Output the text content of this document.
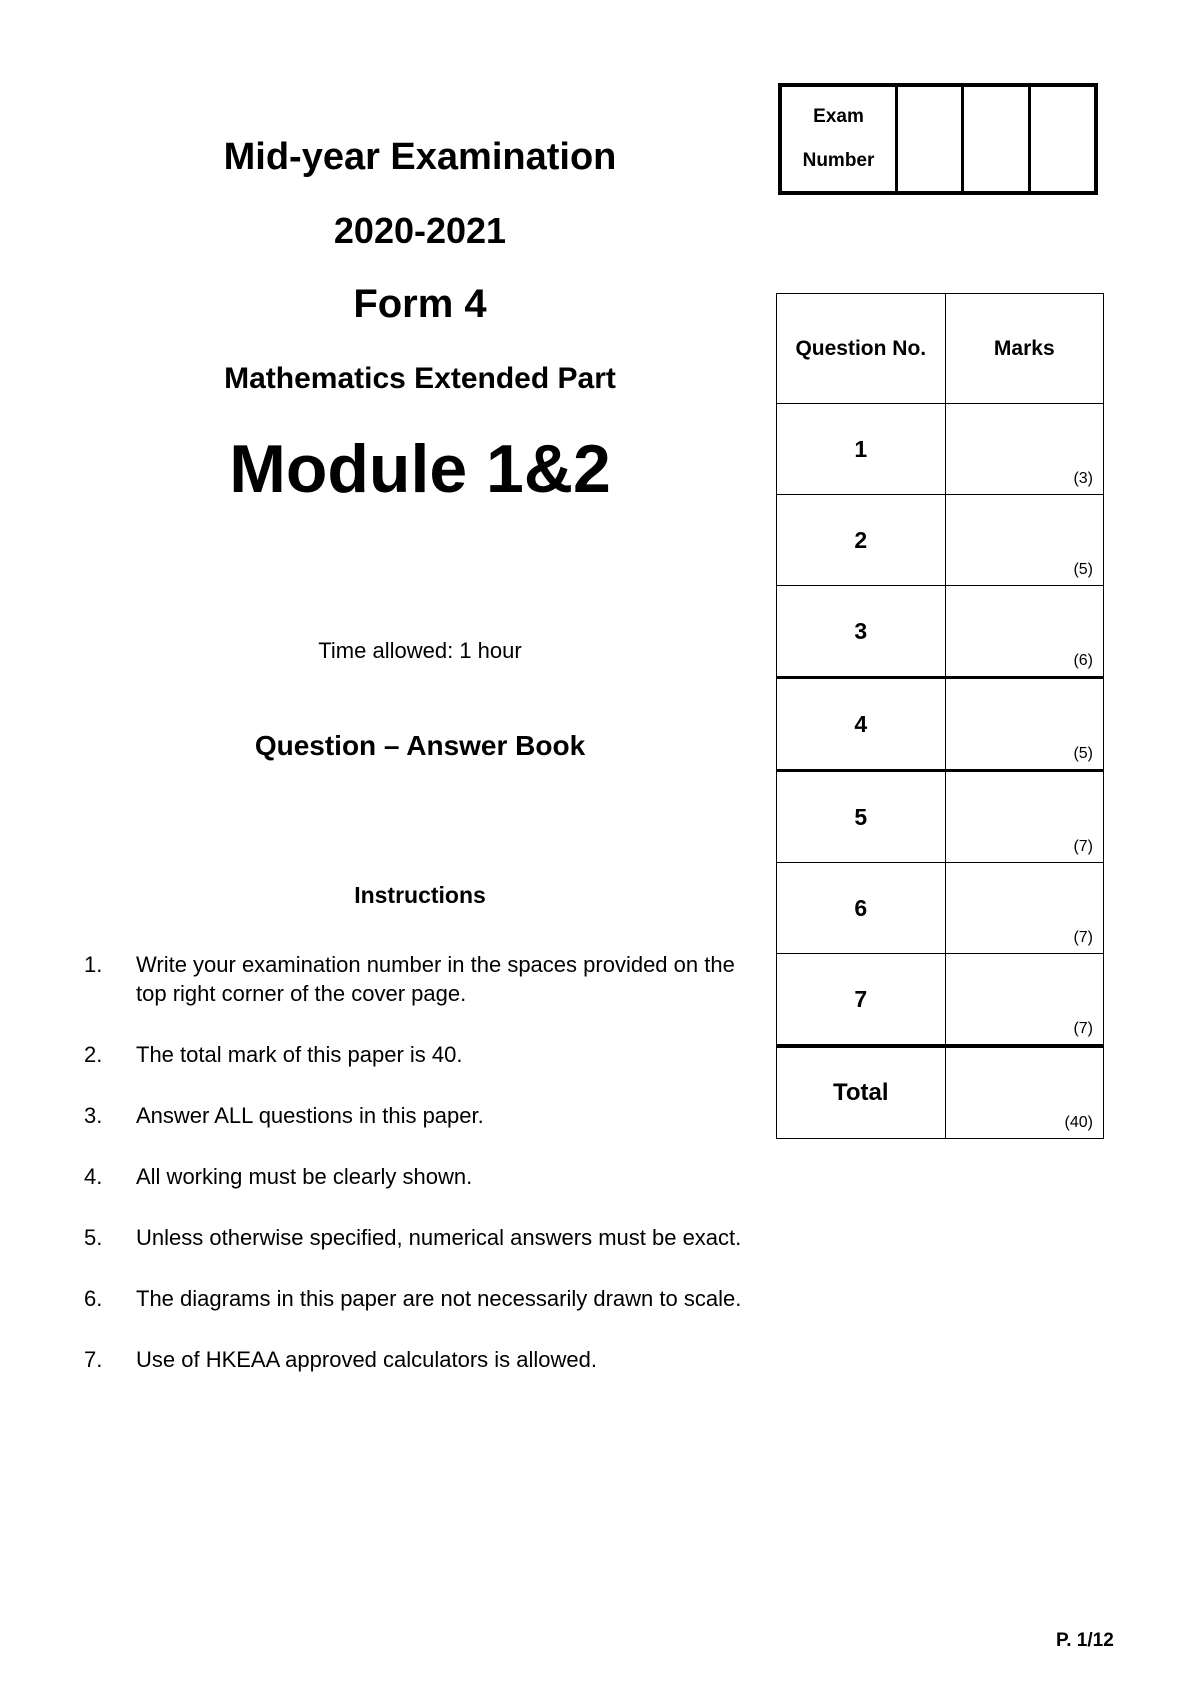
Mid-year Examination
2020-2021
Form 4
Mathematics Extended Part
Module 1&2
Time allowed: 1 hour
Question – Answer Book
Instructions
1.	Write your examination number in the spaces provided on the top right corner of the cover page.
2.	The total mark of this paper is 40.
3.	Answer ALL questions in this paper.
4.	All working must be clearly shown.
5.	Unless otherwise specified, numerical answers must be exact.
6.	The diagrams in this paper are not necessarily drawn to scale.
7.	Use of HKEAA approved calculators is allowed.
Exam
Number
Question No.	Marks
1	(3)

2	(5)

3	(6)

4	(5)

5	(7)

6	(7)

7	(7)

Total	(40)
P. 1/12
